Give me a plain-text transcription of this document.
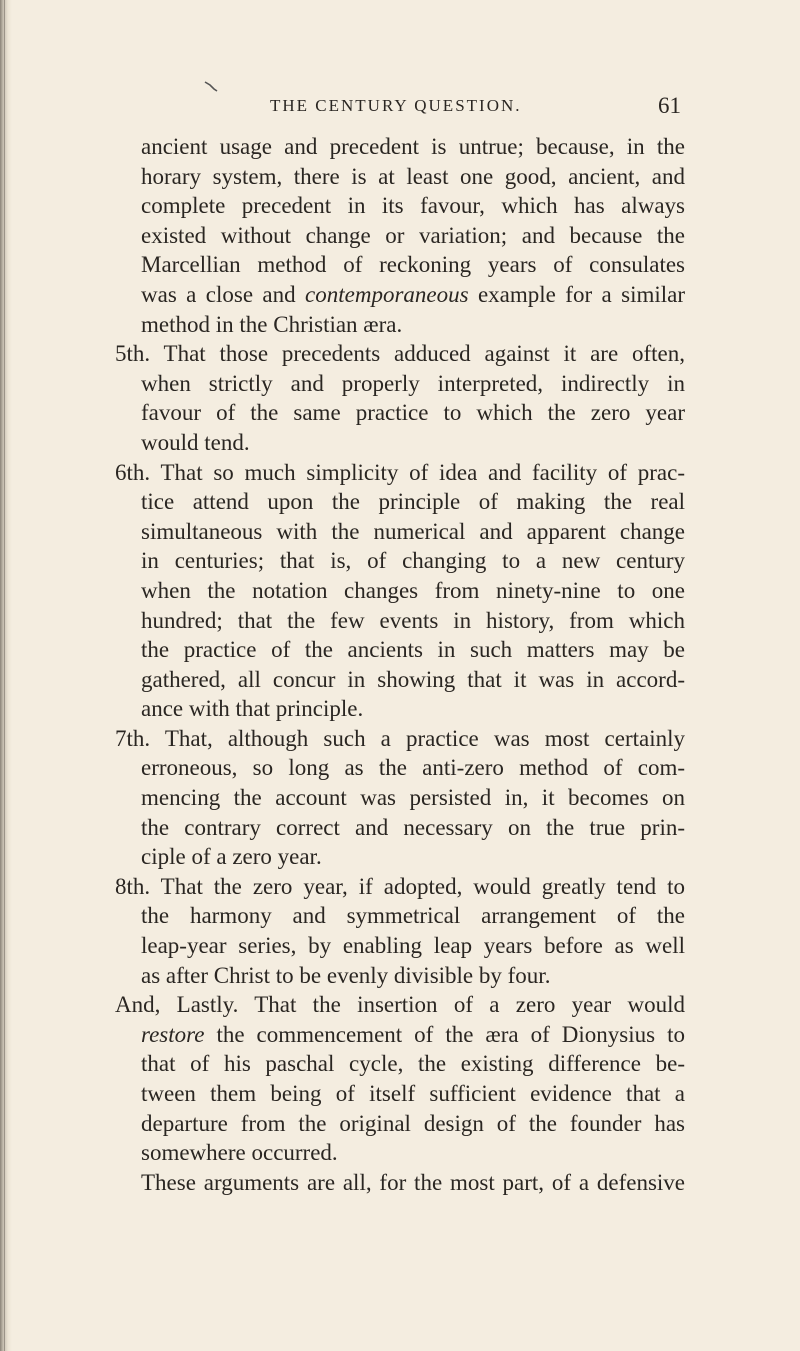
THE CENTURY QUESTION.	61
ancient usage and precedent is untrue; because, in the
horary system, there is at least one good, ancient, and
complete precedent in its favour, which has always
existed without change or variation; and because the
Marcellian method of reckoning years of consulates
was a close and contemporaneous example for a similar
method in the Christian æra.
5th. That those precedents adduced against it are often,
when strictly and properly interpreted, indirectly in
favour of the same practice to which the zero year
would tend.
6th. That so much simplicity of idea and facility of prac-
tice attend upon the principle of making the real
simultaneous with the numerical and apparent change
in centuries; that is, of changing to a new century
when the notation changes from ninety-nine to one
hundred; that the few events in history, from which
the practice of the ancients in such matters may be
gathered, all concur in showing that it was in accord-
ance with that principle.
7th. That, although such a practice was most certainly
erroneous, so long as the anti-zero method of com-
mencing the account was persisted in, it becomes on
the contrary correct and necessary on the true prin-
ciple of a zero year.
8th. That the zero year, if adopted, would greatly tend to
the harmony and symmetrical arrangement of the
leap-year series, by enabling leap years before as well
as after Christ to be evenly divisible by four.
And, Lastly. That the insertion of a zero year would
restore the commencement of the æra of Dionysius to
that of his paschal cycle, the existing difference be-
tween them being of itself sufficient evidence that a
departure from the original design of the founder has
somewhere occurred.
These arguments are all, for the most part, of a defensive
